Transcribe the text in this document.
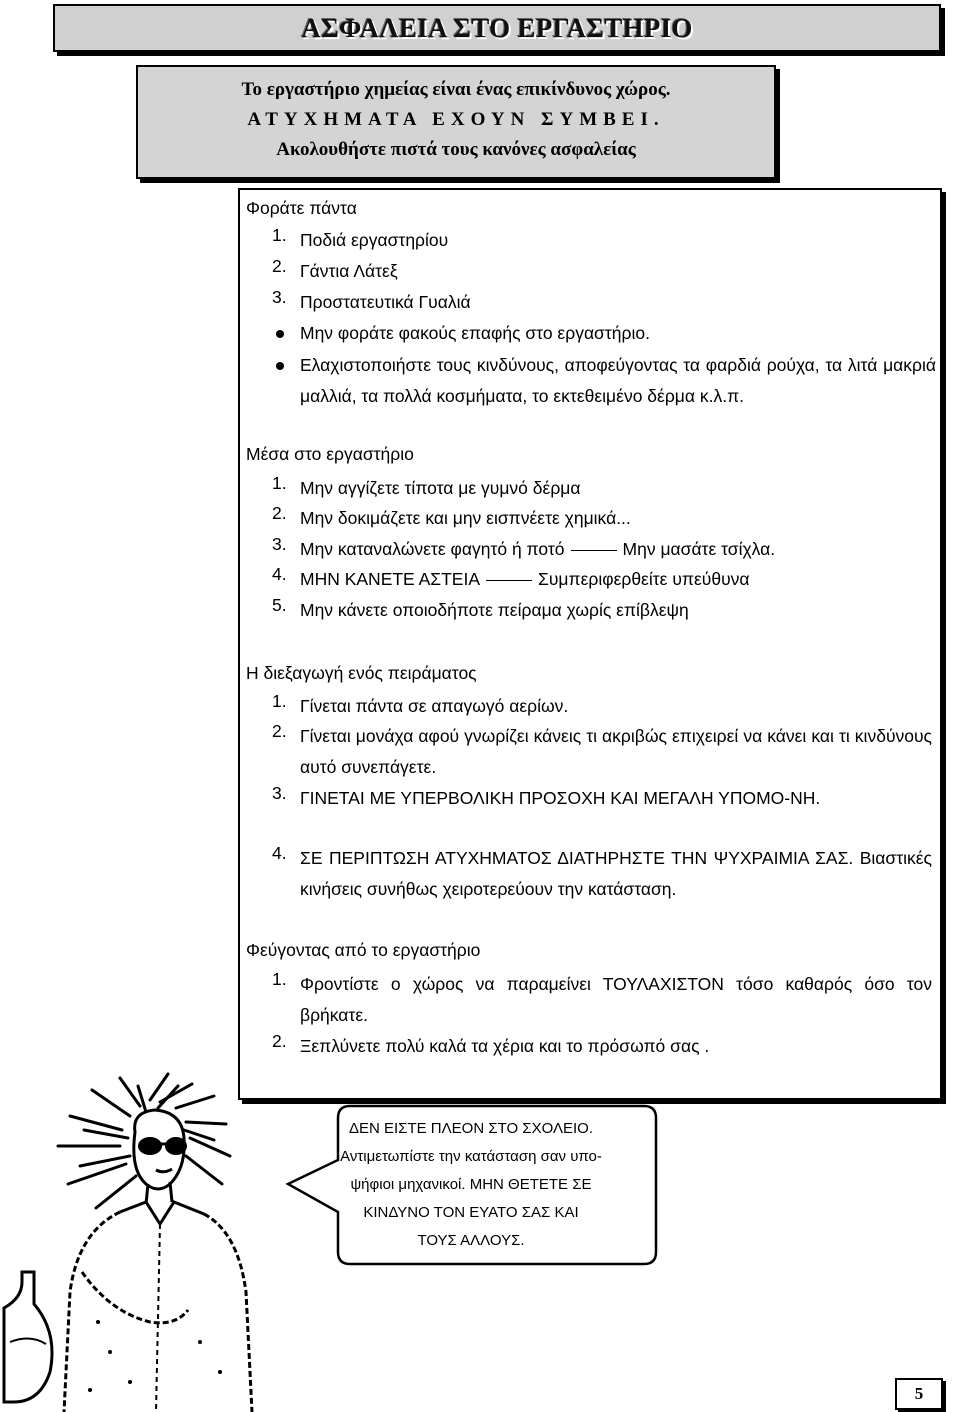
ΑΣΦΑΛΕΙΑ ΣΤΟ ΕΡΓΑΣΤΗΡΙΟ
Το εργαστήριο χημείας είναι ένας επικίνδυνος χώρος.
ΑΤΥΧΗΜΑΤΑ ΕΧΟΥΝ ΣΥΜΒΕΙ.
Ακολουθήστε πιστά τους κανόνες ασφαλείας
Φοράτε πάντα
1. Ποδιά εργαστηρίου
2. Γάντια Λάτεξ
3. Προστατευτικά Γυαλιά
Μην φοράτε φακούς επαφής στο εργαστήριο.
Ελαχιστοποιήστε τους κινδύνους, αποφεύγοντας τα φαρδιά ρούχα, τα λιτά μακριά μαλλιά, τα πολλά κοσμήματα, το εκτεθειμένο δέρμα κ.λ.π.
Μέσα στο εργαστήριο
1. Μην αγγίζετε τίποτα με γυμνό δέρμα
2. Μην δοκιμάζετε και μην εισπνέετε χημικά...
3. Μην καταναλώνετε φαγητό ή ποτό	Μην μασάτε τσίχλα.
4. ΜΗΝ ΚΑΝΕΤΕ ΑΣΤΕΙΑ	Συμπεριφερθείτε υπεύθυνα
5. Μην κάνετε οποιοδήποτε πείραμα χωρίς επίβλεψη
Η διεξαγωγή ενός πειράματος
1. Γίνεται πάντα σε απαγωγό αερίων.
2. Γίνεται μονάχα αφού γνωρίζει κάνεις τι ακριβώς επιχειρεί να κάνει και τι κινδύνους αυτό συνεπάγετε.
3. ΓΙΝΕΤΑΙ ΜΕ ΥΠΕΡΒΟΛΙΚΗ ΠΡΟΣΟΧΗ ΚΑΙ ΜΕΓΑΛΗ ΥΠΟΜΟ-ΝΗ.
4. ΣΕ ΠΕΡΙΠΤΩΣΗ ΑΤΥΧΗΜΑΤΟΣ ΔΙΑΤΗΡΗΣΤΕ ΤΗΝ ΨΥΧΡΑΙΜΙΑ ΣΑΣ. Βιαστικές κινήσεις συνήθως χειροτερεύουν την κατάσταση.
Φεύγοντας από το εργαστήριο
1. Φροντίστε ο χώρος να παραμείνει ΤΟΥΛΑΧΙΣΤΟΝ τόσο καθαρός όσο τον βρήκατε.
2. Ξεπλύνετε πολύ καλά τα χέρια και το πρόσωπό σας .
ΔΕΝ ΕΙΣΤΕ ΠΛΕΟΝ ΣΤΟ ΣΧΟΛΕΙΟ.
Αντιμετωπίστε την κατάσταση σαν υπο-
ψήφιοι μηχανικοί. ΜΗΝ ΘΕΤΕΤΕ ΣΕ
ΚΙΝΔΥΝΟ ΤΟΝ ΕΥΑΤΟ ΣΑΣ ΚΑΙ
ΤΟΥΣ ΑΛΛΟΥΣ.
5
